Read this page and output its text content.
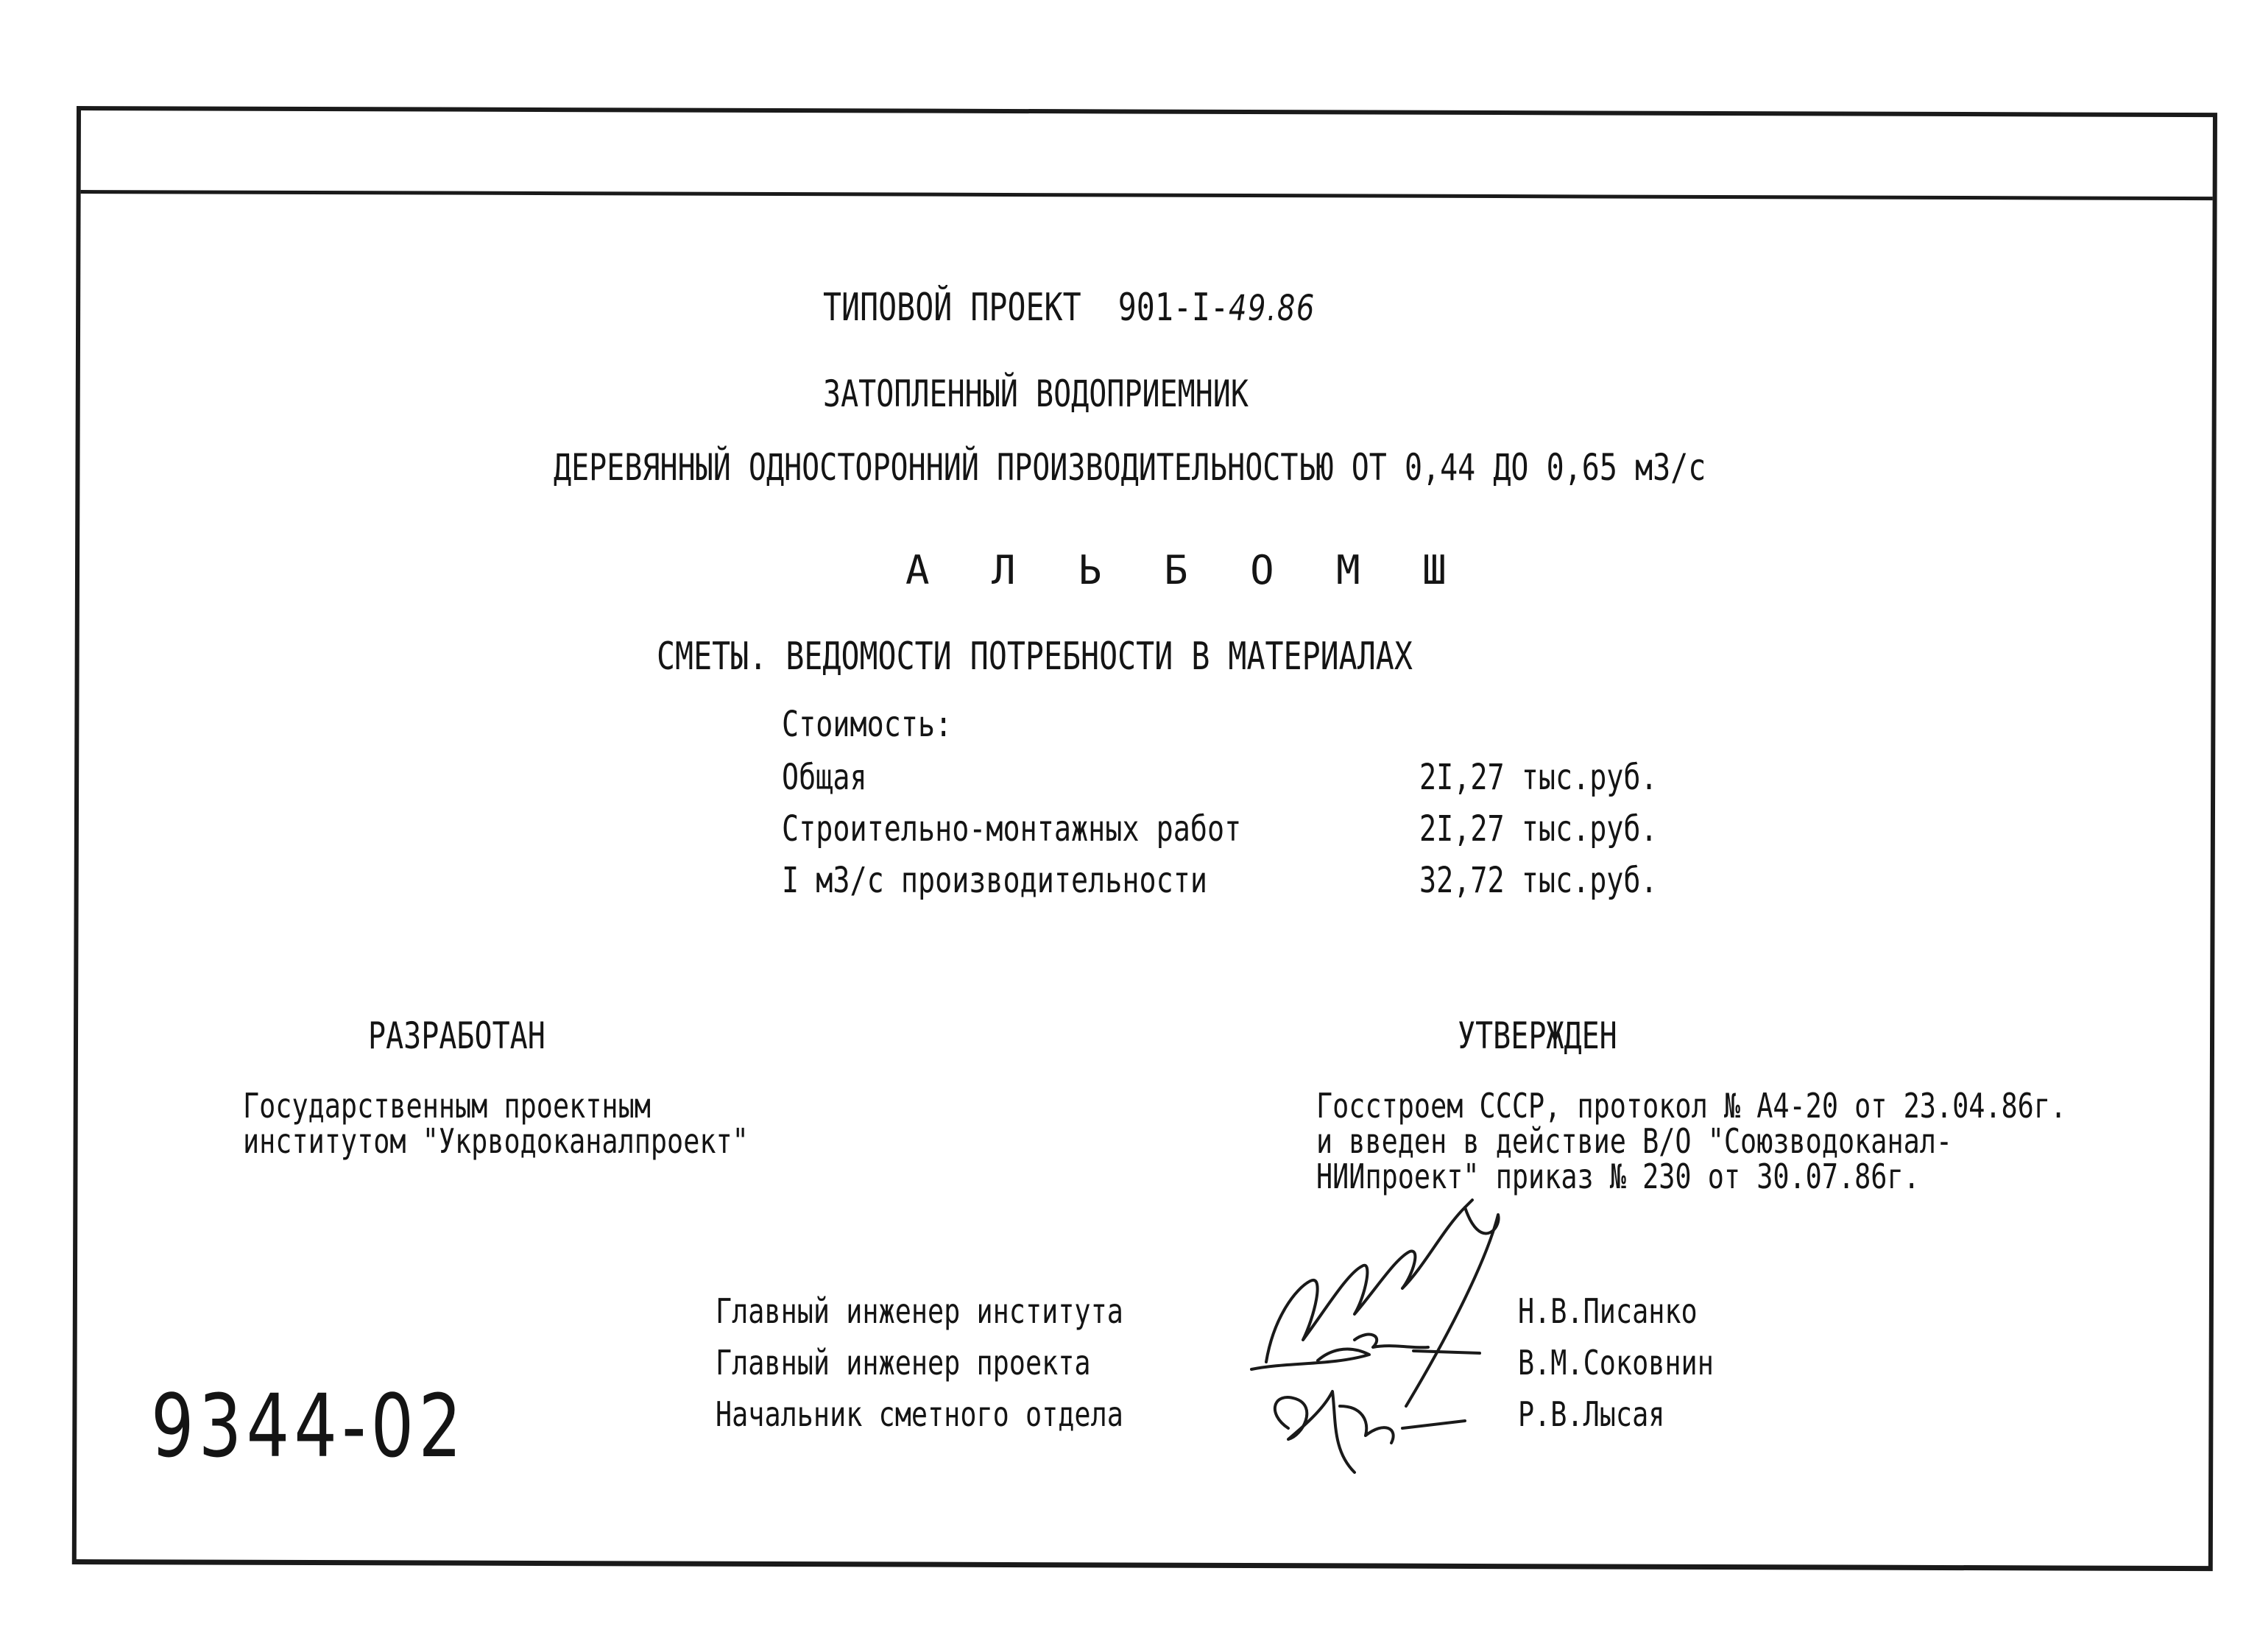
ТИПОВОЙ ПРОЕКТ 901-I-49.86
ЗАТОПЛЕННЫЙ ВОДОПРИЕМНИК
ДЕРЕВЯННЫЙ ОДНОСТОРОННИЙ ПРОИЗВОДИТЕЛЬНОСТЬЮ ОТ 0,44 ДО 0,65 м3/с
А Л Ь Б О М Ш
СМЕТЫ. ВЕДОМОСТИ ПОТРЕБНОСТИ В МАТЕРИАЛАХ
Стоимость:
Общая	2I,27 тыс.руб.
Строительно-монтажных работ	2I,27 тыс.руб.
I м3/с производительности	32,72 тыс.руб.
РАЗРАБОТАН
Государственным проектным
институтом "Укрводоканалпроект"
УТВЕРЖДЕН
Госстроем СССР, протокол № А4-20 от 23.04.86г.
и введен в действие В/О "Союзводоканал-
НИИпроект" приказ № 230 от 30.07.86г.
Главный инженер института	Н.В.Писанко
Главный инженер проекта	В.М.Соковнин
Начальник сметного отдела	Р.В.Лысая
9344-02
